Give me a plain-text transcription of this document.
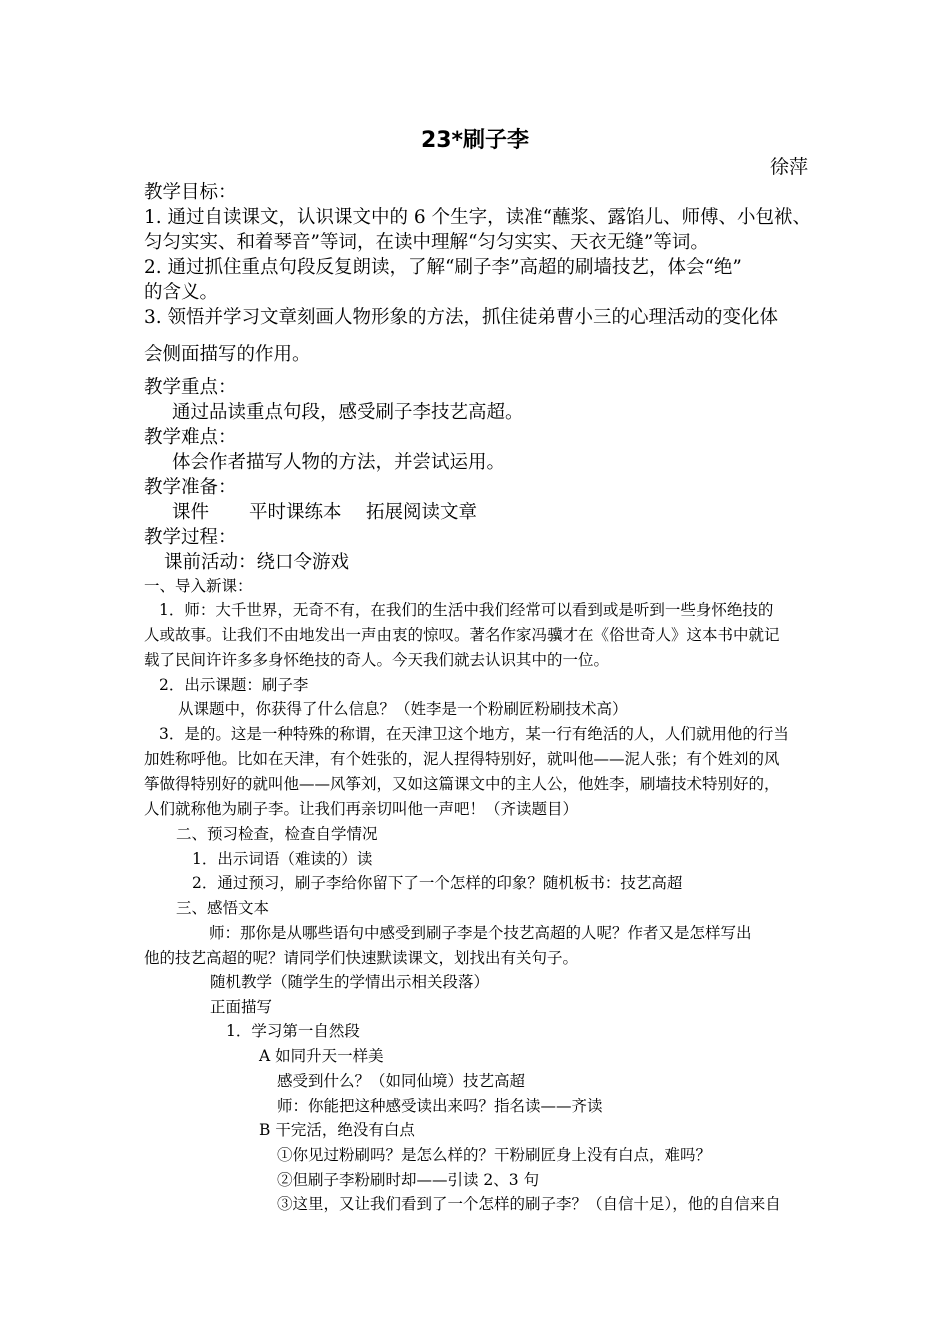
23*刷子李
徐萍
教学目标：
1. 通过自读课文，认识课文中的 6 个生字，读准“蘸浆、露馅儿、师傅、小包袱、
匀匀实实、和着琴音”等词，在读中理解“匀匀实实、天衣无缝”等词。
2. 通过抓住重点句段反复朗读，了解“刷子李”高超的刷墙技艺，体会“绝”
的含义。
3. 领悟并学习文章刻画人物形象的方法，抓住徒弟曹小三的心理活动的变化体
会侧面描写的作用。
教学重点：
通过品读重点句段，感受刷子李技艺高超。
教学难点：
体会作者描写人物的方法，并尝试运用。
教学准备：
课件 平时课练本 拓展阅读文章
教学过程：
课前活动：绕口令游戏
一、导入新课：
1．师：大千世界，无奇不有，在我们的生活中我们经常可以看到或是听到一些身怀绝技的
人或故事。让我们不由地发出一声由衷的惊叹。著名作家冯骥才在《俗世奇人》这本书中就记
载了民间许许多多身怀绝技的奇人。今天我们就去认识其中的一位。
2．出示课题：刷子李
从课题中，你获得了什么信息？（姓李是一个粉刷匠粉刷技术高）
3．是的。这是一种特殊的称谓，在天津卫这个地方，某一行有绝活的人，人们就用他的行当
加姓称呼他。比如在天津，有个姓张的，泥人捏得特别好，就叫他——泥人张；有个姓刘的风
筝做得特别好的就叫他——风筝刘，又如这篇课文中的主人公，他姓李，刷墙技术特别好的，
人们就称他为刷子李。让我们再亲切叫他一声吧！（齐读题目）
二、预习检查，检查自学情况
1．出示词语（难读的）读
2．通过预习，刷子李给你留下了一个怎样的印象？随机板书：技艺高超
三、感悟文本
师：那你是从哪些语句中感受到刷子李是个技艺高超的人呢？作者又是怎样写出
他的技艺高超的呢？请同学们快速默读课文，划找出有关句子。
随机教学（随学生的学情出示相关段落）
正面描写
1．学习第一自然段
A 如同升天一样美
感受到什么？（如同仙境）技艺高超
师：你能把这种感受读出来吗？指名读——齐读
B 干完活，绝没有白点
①你见过粉刷吗？是怎么样的？干粉刷匠身上没有白点，难吗？
②但刷子李粉刷时却——引读 2、3 句
③这里，又让我们看到了一个怎样的刷子李？（自信十足），他的自信来自
